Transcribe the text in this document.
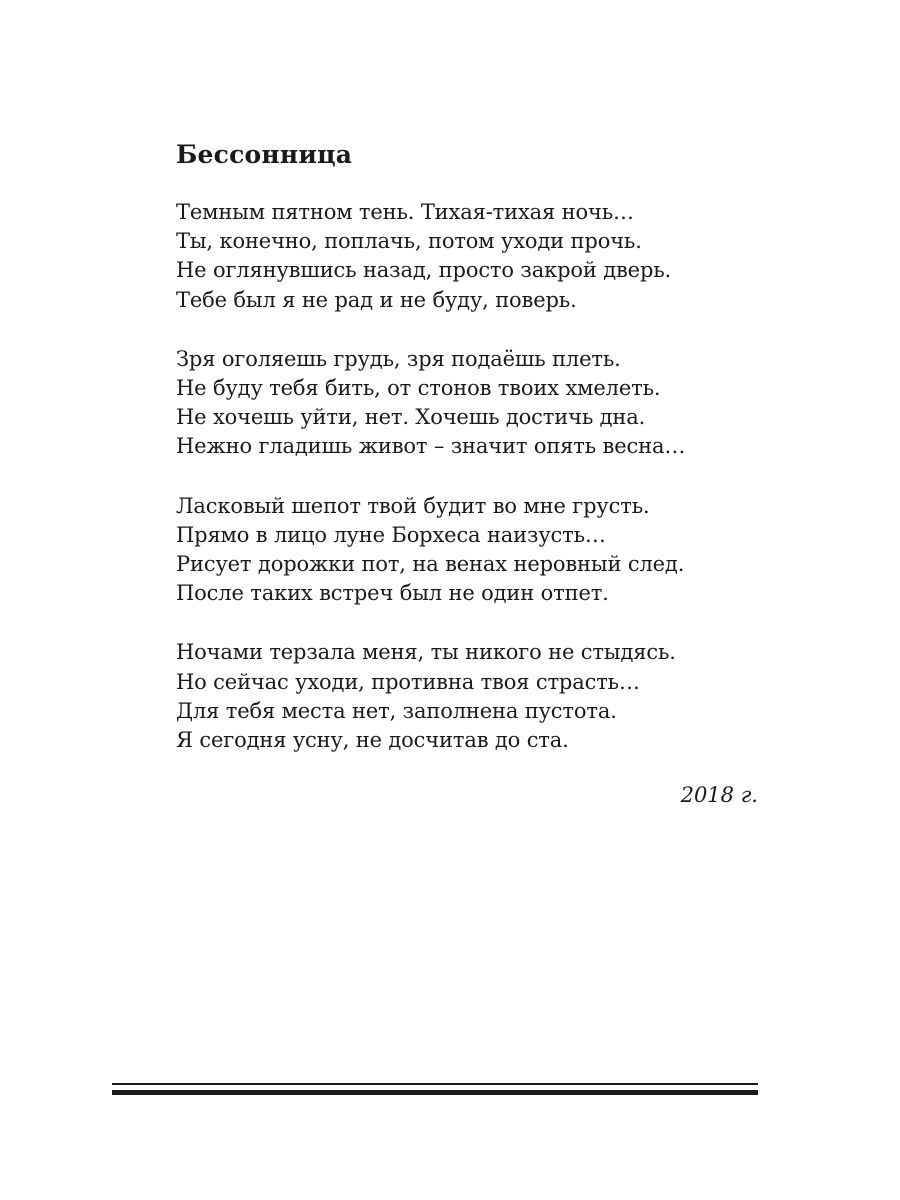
Бессонница
Темным пятном тень. Тихая-тихая ночь…
Ты, конечно, поплачь, потом уходи прочь.
Не оглянувшись назад, просто закрой дверь.
Тебе был я не рад и не буду, поверь.
Зря оголяешь грудь, зря подаёшь плеть.
Не буду тебя бить, от стонов твоих хмелеть.
Не хочешь уйти, нет. Хочешь достичь дна.
Нежно гладишь живот – значит опять весна…
Ласковый шепот твой будит во мне грусть.
Прямо в лицо луне Борхеса наизусть…
Рисует дорожки пот, на венах неровный след.
После таких встреч был не один отпет.
Ночами терзала меня, ты никого не стыдясь.
Но сейчас уходи, противна твоя страсть…
Для тебя места нет, заполнена пустота.
Я сегодня усну, не досчитав до ста.
2018 г.
